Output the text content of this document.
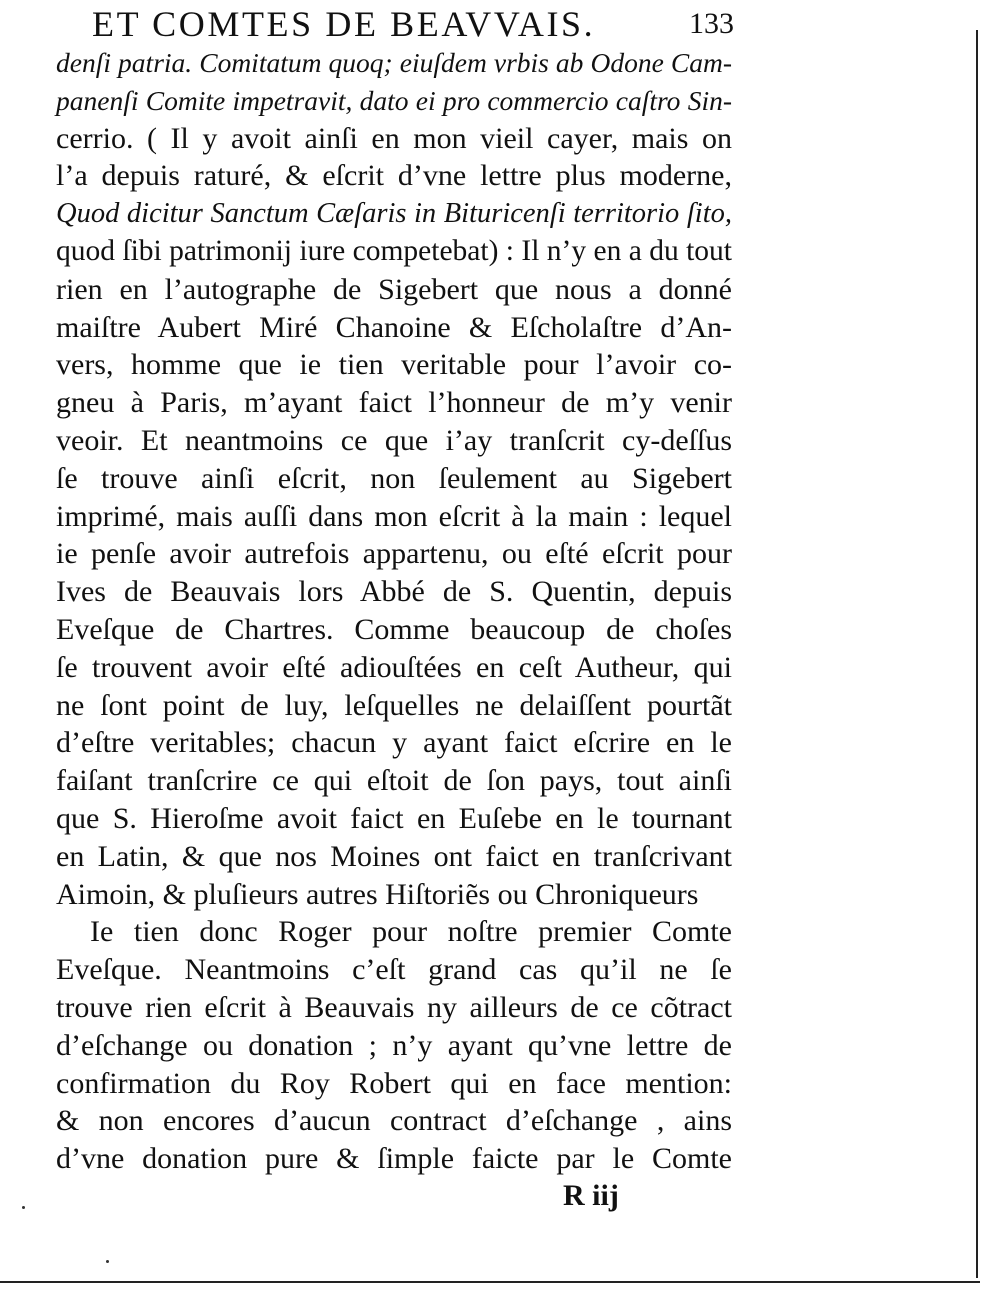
ET COMTES DE BEAVVAIS.	133
denſi patria. Comitatum quoq; eiuſdem vrbis ab Odone Cam-
panenſi Comite impetravit, dato ei pro commercio caſtro Sin-
cerrio. ( Il y avoit ainſi en mon vieil cayer, mais on
l’a depuis raturé, & eſcrit d’vne lettre plus moderne,
Quod dicitur Sanctum Cæſaris in Bituricenſi territorio ſito,
quod ſibi patrimonij iure competebat) : Il n’y en a du tout
rien en l’autographe de Sigebert que nous a donné
maiſtre Aubert Miré Chanoine & Eſcholaſtre d’An-
vers, homme que ie tien veritable pour l’avoir co-
gneu à Paris, m’ayant faict l’honneur de m’y venir
veoir. Et neantmoins ce que i’ay tranſcrit cy-deſſus
ſe trouve ainſi eſcrit, non ſeulement au Sigebert
imprimé, mais auſſi dans mon eſcrit à la main : lequel
ie penſe avoir autrefois appartenu, ou eſté eſcrit pour
Ives de Beauvais lors Abbé de S. Quentin, depuis
Eveſque de Chartres. Comme beaucoup de choſes
ſe trouvent avoir eſté adiouſtées en ceſt Autheur, qui
ne ſont point de luy, leſquelles ne delaiſſent pourtãt
d’eſtre veritables; chacun y ayant faict eſcrire en le
faiſant tranſcrire ce qui eſtoit de ſon pays, tout ainſi
que S. Hieroſme avoit faict en Euſebe en le tournant
en Latin, & que nos Moines ont faict en tranſcrivant
Aimoin, & pluſieurs autres Hiſtoriẽs ou Chroniqueurs
Ie tien donc Roger pour noſtre premier Comte
Eveſque. Neantmoins c’eſt grand cas qu’il ne ſe
trouve rien eſcrit à Beauvais ny ailleurs de ce cõtract
d’eſchange ou donation ; n’y ayant qu’vne lettre de
confirmation du Roy Robert qui en face mention:
& non encores d’aucun contract d’eſchange , ains
d’vne donation pure & ſimple faicte par le Comte
R iij
